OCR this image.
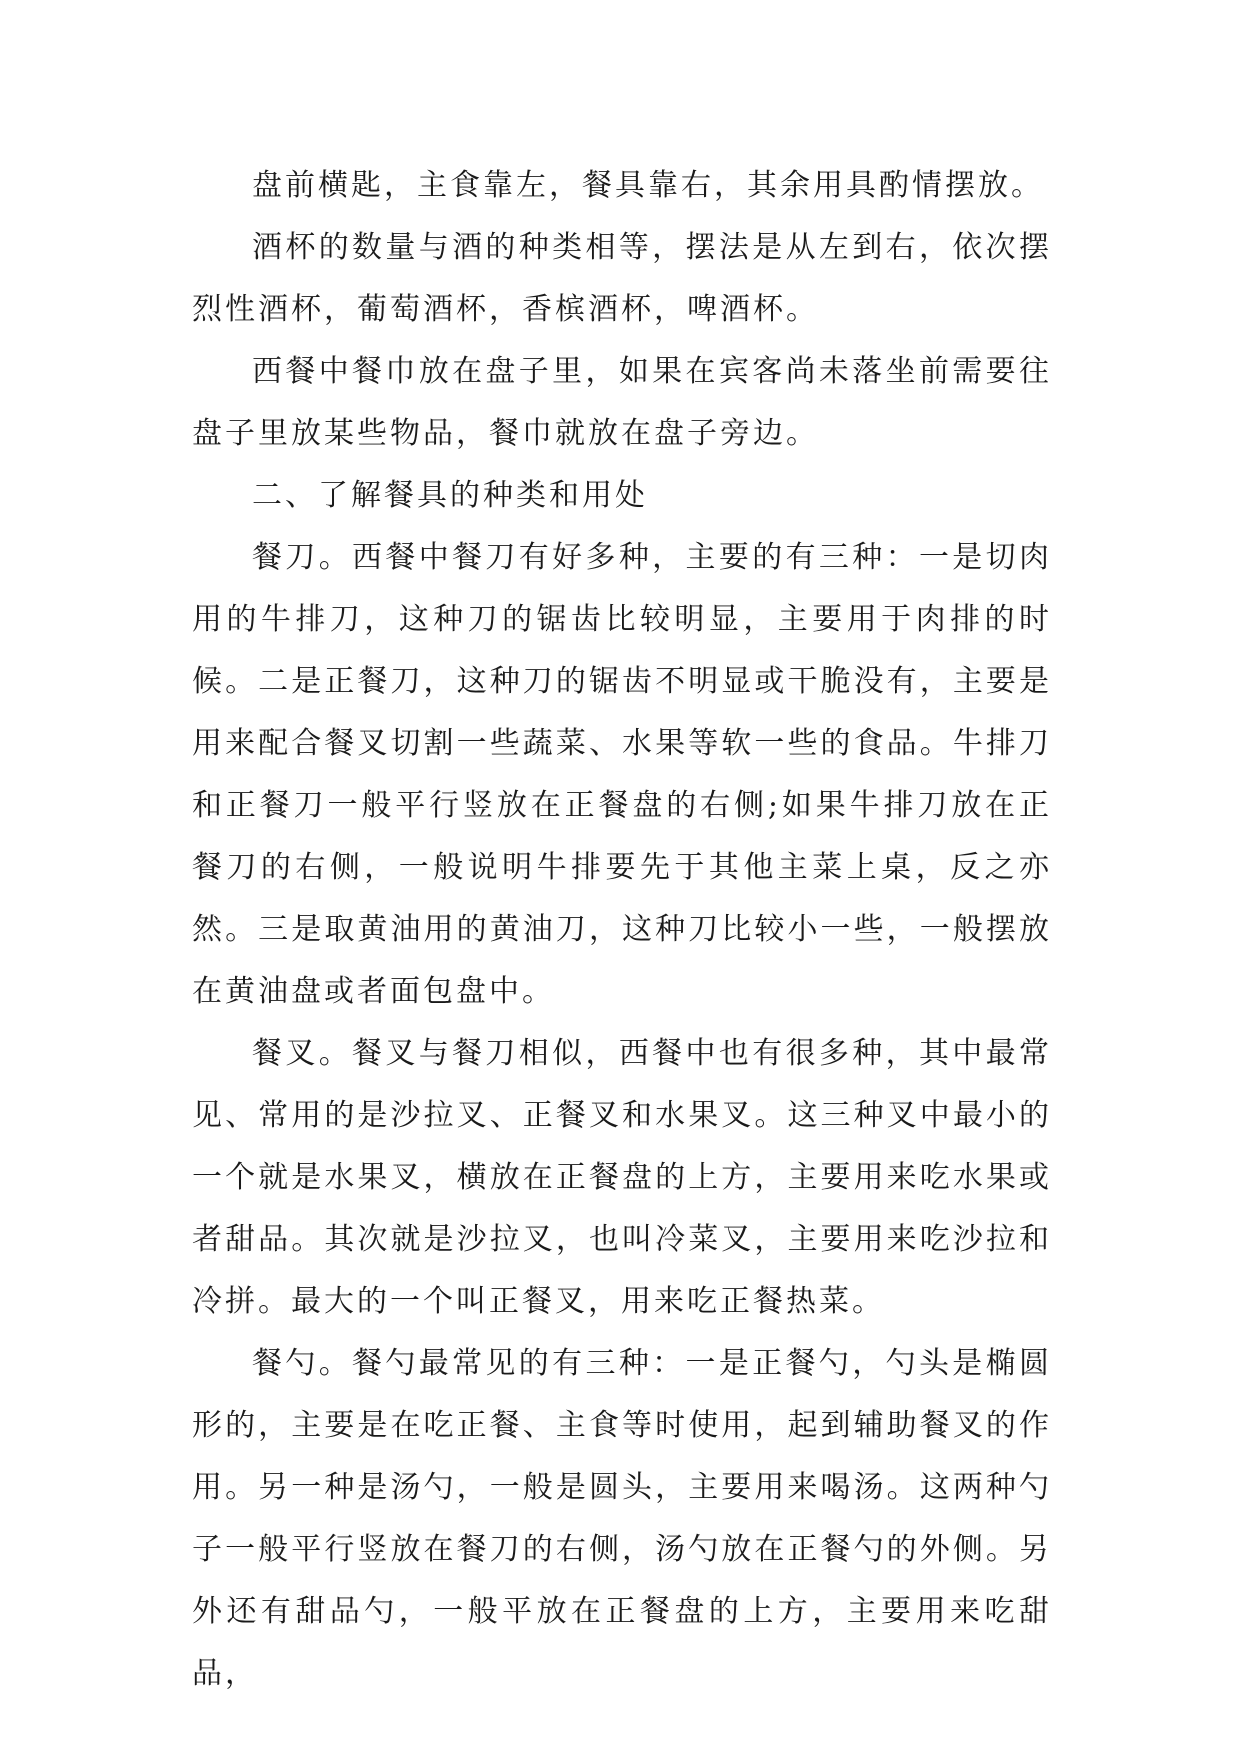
盘前横匙，主食靠左，餐具靠右，其余用具酌情摆放。

酒杯的数量与酒的种类相等，摆法是从左到右，依次摆烈性酒杯，葡萄酒杯，香槟酒杯，啤酒杯。

西餐中餐巾放在盘子里，如果在宾客尚未落坐前需要往盘子里放某些物品，餐巾就放在盘子旁边。

二、了解餐具的种类和用处

餐刀。西餐中餐刀有好多种，主要的有三种：一是切肉用的牛排刀，这种刀的锯齿比较明显，主要用于肉排的时候。二是正餐刀，这种刀的锯齿不明显或干脆没有，主要是用来配合餐叉切割一些蔬菜、水果等软一些的食品。牛排刀和正餐刀一般平行竖放在正餐盘的右侧;如果牛排刀放在正餐刀的右侧，一般说明牛排要先于其他主菜上桌，反之亦然。三是取黄油用的黄油刀，这种刀比较小一些，一般摆放在黄油盘或者面包盘中。

餐叉。餐叉与餐刀相似，西餐中也有很多种，其中最常见、常用的是沙拉叉、正餐叉和水果叉。这三种叉中最小的一个就是水果叉，横放在正餐盘的上方，主要用来吃水果或者甜品。其次就是沙拉叉，也叫冷菜叉，主要用来吃沙拉和冷拼。最大的一个叫正餐叉，用来吃正餐热菜。

餐勺。餐勺最常见的有三种：一是正餐勺，勺头是椭圆形的，主要是在吃正餐、主食等时使用，起到辅助餐叉的作用。另一种是汤勺，一般是圆头，主要用来喝汤。这两种勺子一般平行竖放在餐刀的右侧，汤勺放在正餐勺的外侧。另外还有甜品勺，一般平放在正餐盘的上方，主要用来吃甜品，
